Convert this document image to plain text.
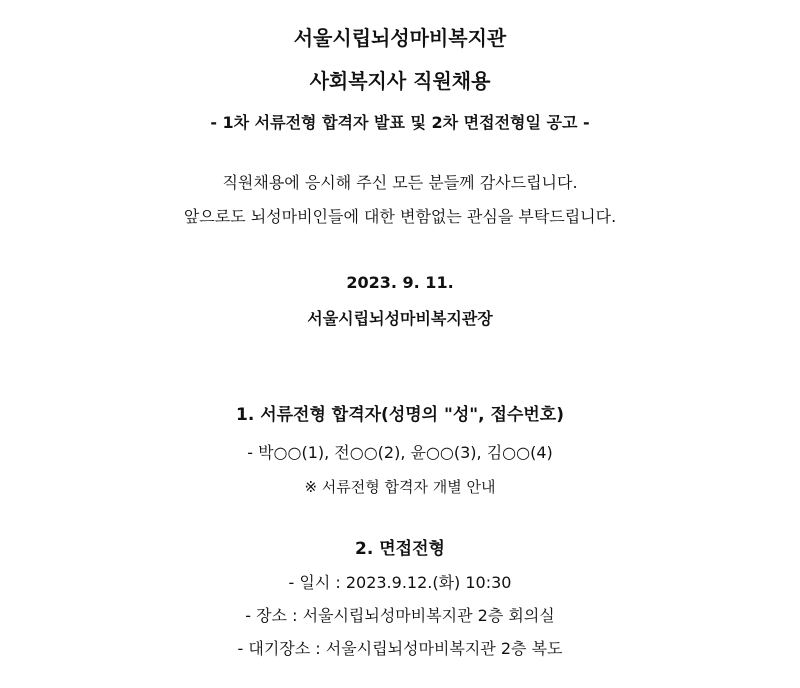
서울시립뇌성마비복지관
사회복지사 직원채용
- 1차 서류전형 합격자 발표 및 2차 면접전형일 공고 -
직원채용에 응시해 주신 모든 분들께 감사드립니다.
앞으로도 뇌성마비인들에 대한 변함없는 관심을 부탁드립니다.
2023. 9. 11.
서울시립뇌성마비복지관장
1. 서류전형 합격자(성명의 "성", 접수번호)
- 박○○(1), 전○○(2), 윤○○(3), 김○○(4)
※ 서류전형 합격자 개별 안내
2. 면접전형
- 일시 : 2023.9.12.(화) 10:30
- 장소 : 서울시립뇌성마비복지관 2층 회의실
- 대기장소 : 서울시립뇌성마비복지관 2층 복도
